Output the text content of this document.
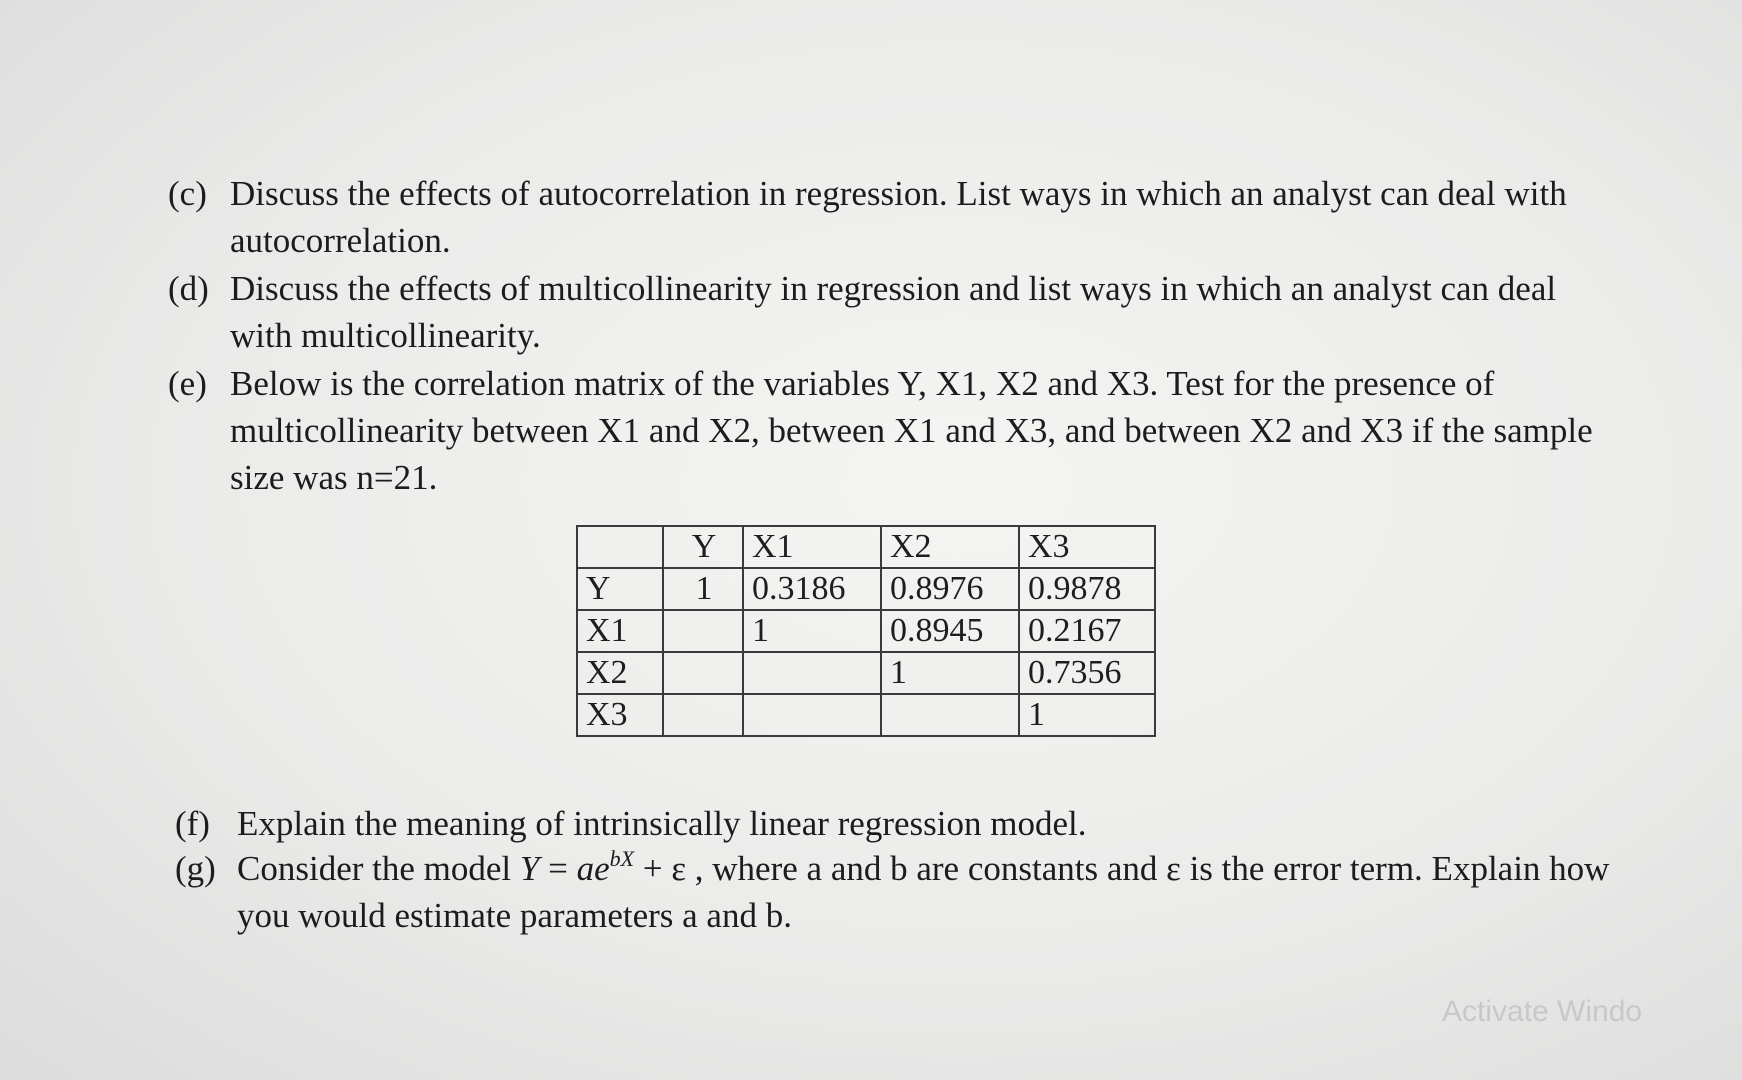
(c) Discuss the effects of autocorrelation in regression. List ways in which an analyst can deal with autocorrelation.

(d) Discuss the effects of multicollinearity in regression and list ways in which an analyst can deal with multicollinearity.

(e) Below is the correlation matrix of the variables Y, X1, X2 and X3. Test for the presence of multicollinearity between X1 and X2, between X1 and X3, and between X2 and X3 if the sample size was n=21.

	Y	X1	X2	X3
Y	1	0.3186	0.8976	0.9878
X1		1	0.8945	0.2167
X2			1	0.7356
X3				1

(f) Explain the meaning of intrinsically linear regression model.

(g) Consider the model $Y = ae^{bX} + \varepsilon$ , where a and b are constants and ε is the error term. Explain how you would estimate parameters a and b.

Activate Windo
